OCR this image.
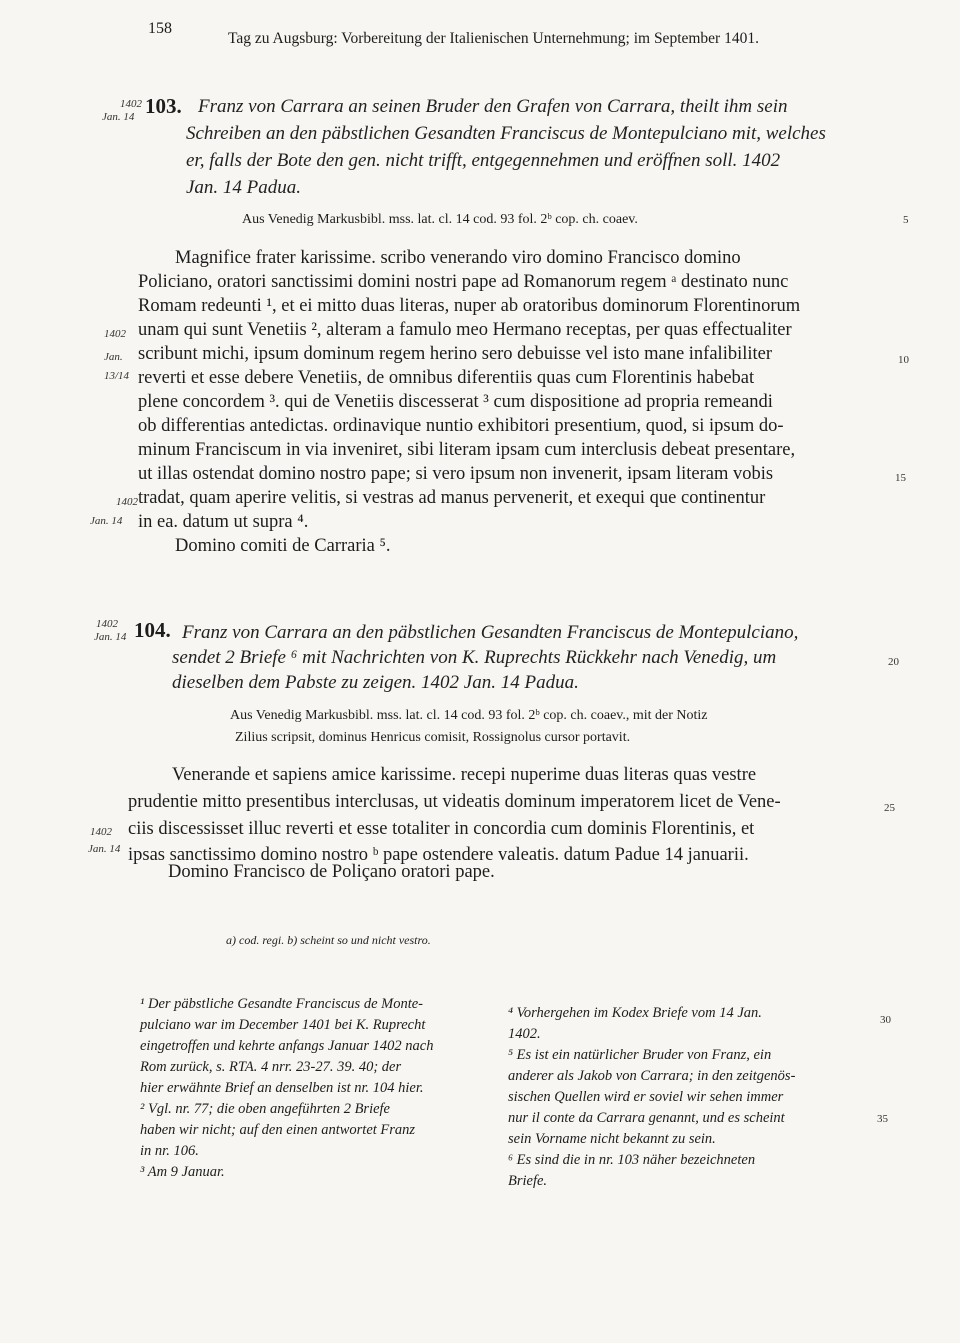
158
Tag zu Augsburg: Vorbereitung der Italienischen Unternehmung; im September 1401.
1402
Jan. 14 103. Franz von Carrara an seinen Bruder den Grafen von Carrara, theilt ihm sein
Schreiben an den päbstlichen Gesandten Franciscus de Montepulciano mit, welches
er, falls der Bote den gen. nicht trifft, entgegennehmen und eröffnen soll. 1402
Jan. 14 Padua.
Aus Venedig Markusbibl. mss. lat. cl. 14 cod. 93 fol. 2ᵇ cop. ch. coaev.	5
Magnifice frater karissime. scribo venerando viro domino Francisco domino
Policiano, oratori sanctissimi domini nostri pape ad Romanorum regem ᵃ destinato nunc
Romam redeunti ¹, et ei mitto duas literas, nuper ab oratoribus dominorum Florentinorum
unam qui sunt Venetiis ², alteram a famulo meo Hermano receptas, per quas effectualiter
scribunt michi, ipsum dominum regem herino sero debuisse vel isto mane infalibiliter
reverti et esse debere Venetiis, de omnibus diferentiis quas cum Florentinis habebat
plene concordem ³. qui de Venetiis discesserat ³ cum dispositione ad propria remeandi
ob differentias antedictas. ordinavique nuntio exhibitori presentium, quod, si ipsum do-
minum Franciscum in via inveniret, sibi literam ipsam cum interclusis debeat presentare,
ut illas ostendat domino nostro pape; si vero ipsum non invenerit, ipsam literam vobis
tradat, quam aperire velitis, si vestras ad manus pervenerit, et exequi que continentur
in ea. datum ut supra ⁴.
Domino comiti de Carraria ⁵.
1402
Jan.
13/14
10
15
1402
Jan. 14
1402
Jan. 14 104. Franz von Carrara an den päbstlichen Gesandten Franciscus de Montepulciano,
sendet 2 Briefe ⁶ mit Nachrichten von K. Ruprechts Rückkehr nach Venedig, um
dieselben dem Pabste zu zeigen. 1402 Jan. 14 Padua.
20
Aus Venedig Markusbibl. mss. lat. cl. 14 cod. 93 fol. 2ᵇ cop. ch. coaev., mit der Notiz
Zilius scripsit, dominus Henricus comisit, Rossignolus cursor portavit.
Venerande et sapiens amice karissime. recepi nuperime duas literas quas vestre
prudentie mitto presentibus interclusas, ut videatis dominum imperatorem licet de Vene-
ciis discessisset illuc reverti et esse totaliter in concordia cum dominis Florentinis, et
ipsas sanctissimo domino nostro ᵇ pape ostendere valeatis. datum Padue 14 januarii.
Domino Francisco de Poliçano oratori pape.
25
1402
Jan. 14
a) cod. regi. b) scheint so und nicht vestro.
¹ Der päbstliche Gesandte Franciscus de Monte-
pulciano war im December 1401 bei K. Ruprecht
eingetroffen und kehrte anfangs Januar 1402 nach
Rom zurück, s. RTA. 4 nrr. 23-27. 39. 40; der
hier erwähnte Brief an denselben ist nr. 104 hier.
² Vgl. nr. 77; die oben angeführten 2 Briefe
haben wir nicht; auf den einen antwortet Franz
in nr. 106.
³ Am 9 Januar.
⁴ Vorhergehen im Kodex Briefe vom 14 Jan.
1402.
⁵ Es ist ein natürlicher Bruder von Franz, ein
anderer als Jakob von Carrara; in den zeitgenös-
sischen Quellen wird er soviel wir sehen immer
nur il conte da Carrara genannt, und es scheint
sein Vorname nicht bekannt zu sein.
⁶ Es sind die in nr. 103 näher bezeichneten
Briefe.
30
35
